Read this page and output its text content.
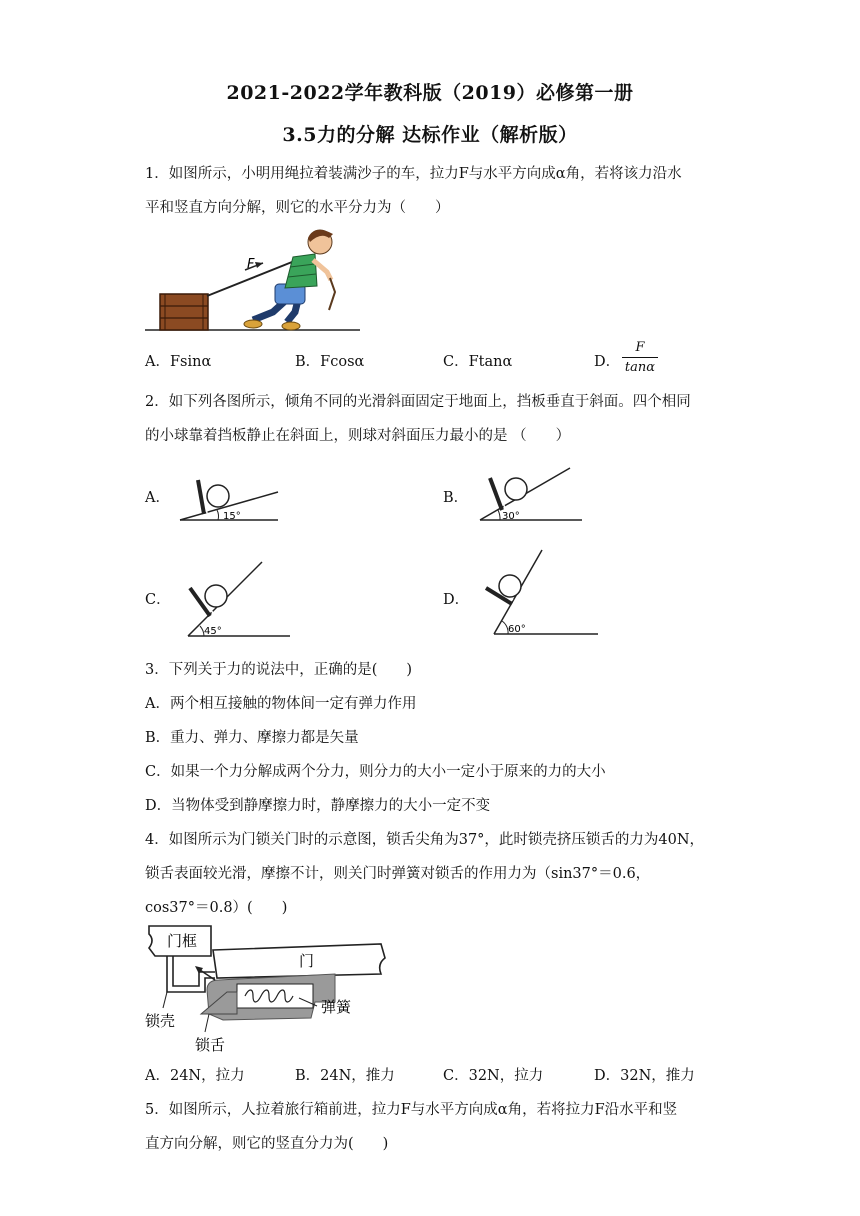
2021-2022学年教科版（2019）必修第一册
3.5力的分解 达标作业（解析版）
1．如图所示，小明用绳拉着装满沙子的车，拉力F与水平方向成α角，若将该力沿水
平和竖直方向分解，则它的水平分力为（　　）
F
A．Fsinα	B．Fcosα	C．Ftanα	D．
F
tanα
2．如下列各图所示，倾角不同的光滑斜面固定于地面上，挡板垂直于斜面。四个相同
的小球靠着挡板静止在斜面上，则球对斜面压力最小的是 （　　）
A．
15°
B．
30°
C．
45°
D．
60°
3．下列关于力的说法中，正确的是(　　)
A．两个相互接触的物体间一定有弹力作用
B．重力、弹力、摩擦力都是矢量
C．如果一个力分解成两个分力，则分力的大小一定小于原来的力的大小
D．当物体受到静摩擦力时，静摩擦力的大小一定不变
4．如图所示为门锁关门时的示意图，锁舌尖角为37°，此时锁壳挤压锁舌的力为40N，
锁舌表面较光滑，摩擦不计，则关门时弹簧对锁舌的作用力为（sin37°＝0.6，
cos37°＝0.8）(　　)
门框
门
弹簧
锁壳
锁舌
A．24N，拉力	B．24N，推力	C．32N，拉力	D．32N，推力
5．如图所示，人拉着旅行箱前进，拉力F与水平方向成α角，若将拉力F沿水平和竖
直方向分解，则它的竖直分力为(　　)
